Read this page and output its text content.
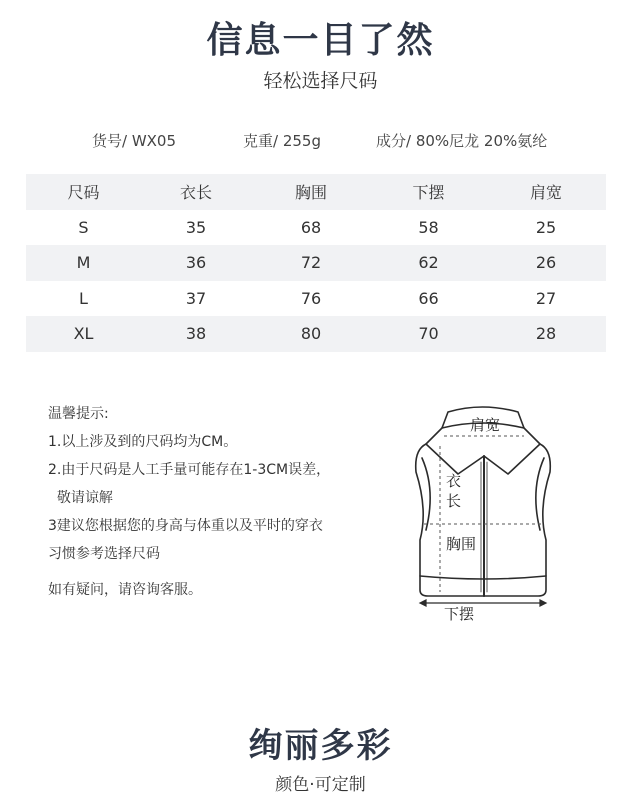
信息一目了然
轻松选择尺码
货号/ WX05	克重/ 255g	成分/ 80%尼龙 20%氨纶
尺码	衣长	胸围	下摆	肩宽
S	35	68	58	25
M	36	72	62	26
L	37	76	66	27
XL	38	80	70	28
温馨提示:
1.以上涉及到的尺码均为CM。
2.由于尺码是人工手量可能存在1-3CM误差，
敬请谅解
3建议您根据您的身高与体重以及平时的穿衣
习惯参考选择尺码
如有疑问，请咨询客服。
肩宽
衣
长
胸围
下摆
绚丽多彩
颜色·可定制
